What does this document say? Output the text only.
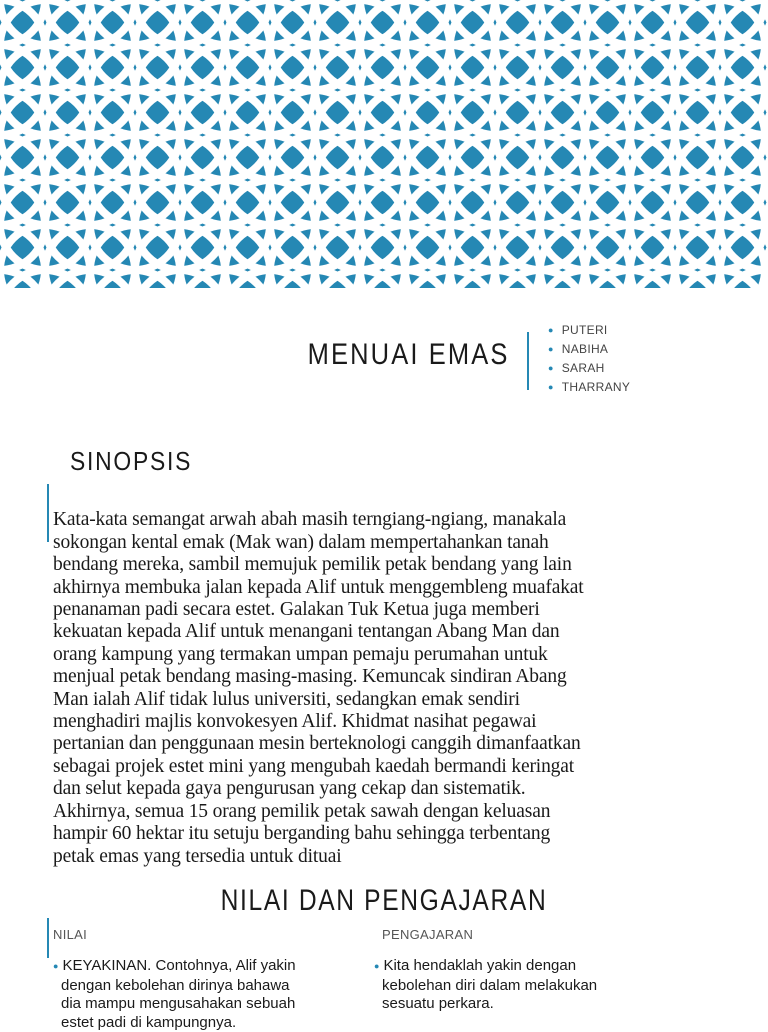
MENUAI EMAS
● PUTERI
● NABIHA
● SARAH
● THARRANY
SINOPSIS

Kata-kata semangat arwah abah masih terngiang-ngiang, manakala
sokongan kental emak (Mak wan) dalam mempertahankan tanah
bendang mereka, sambil memujuk pemilik petak bendang yang lain
akhirnya membuka jalan kepada Alif untuk menggembleng muafakat
penanaman padi secara estet. Galakan Tuk Ketua juga memberi
kekuatan kepada Alif untuk menangani tentangan Abang Man dan
orang kampung yang termakan umpan pemaju perumahan untuk
menjual petak bendang masing-masing. Kemuncak sindiran Abang
Man ialah Alif tidak lulus universiti, sedangkan emak sendiri
menghadiri majlis konvokesyen Alif. Khidmat nasihat pegawai
pertanian dan penggunaan mesin berteknologi canggih dimanfaatkan
sebagai projek estet mini yang mengubah kaedah bermandi keringat
dan selut kepada gaya pengurusan yang cekap dan sistematik.
Akhirnya, semua 15 orang pemilik petak sawah dengan keluasan
hampir 60 hektar itu setuju berganding bahu sehingga terbentang
petak emas yang tersedia untuk dituai

NILAI DAN PENGAJARAN
NILAI	PENGAJARAN
● KEYAKINAN. Contohnya, Alif yakin
dengan kebolehan dirinya bahawa
dia mampu mengusahakan sebuah
estet padi di kampungnya.
● Kita hendaklah yakin dengan
kebolehan diri dalam melakukan
sesuatu perkara.
